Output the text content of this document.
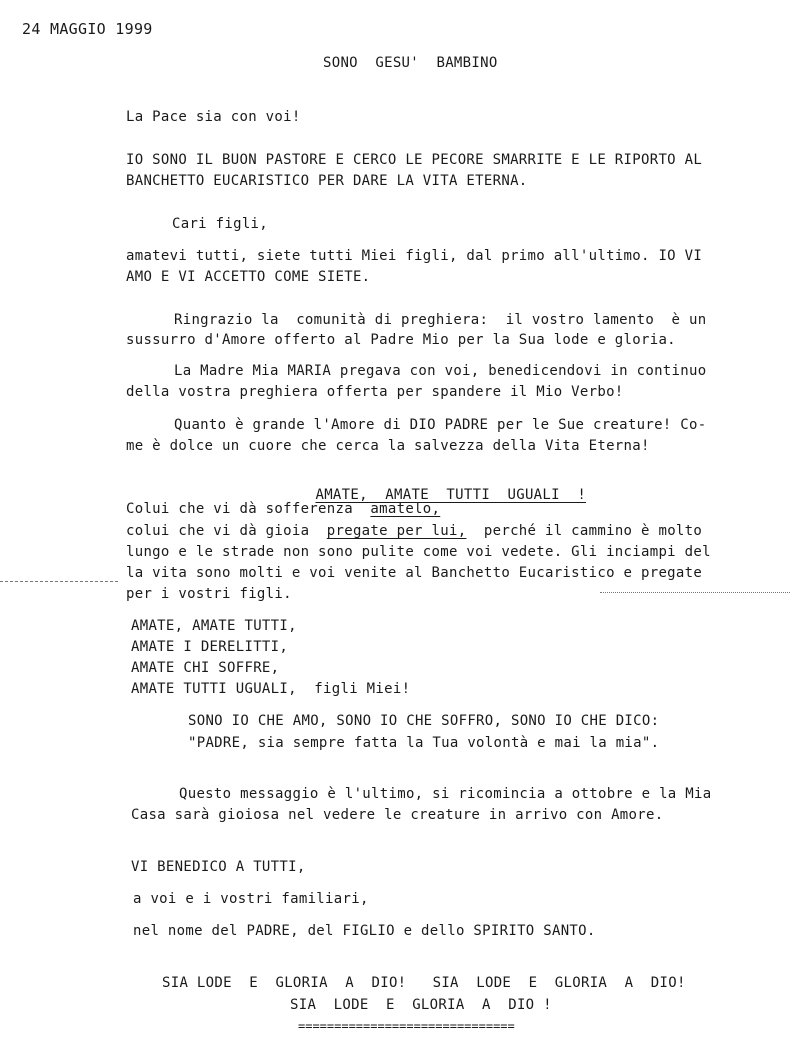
24 MAGGIO 1999
SONO  GESU'  BAMBINO
La Pace sia con voi!
IO SONO IL BUON PASTORE E CERCO LE PECORE SMARRITE E LE RIPORTO AL
BANCHETTO EUCARISTICO PER DARE LA VITA ETERNA.
Cari figli,
amatevi tutti, siete tutti Miei figli, dal primo all'ultimo. IO VI
AMO E VI ACCETTO COME SIETE.
Ringrazio la  comunità di preghiera:  il vostro lamento  è un
sussurro d'Amore offerto al Padre Mio per la Sua lode e gloria.
La Madre Mia MARIA pregava con voi, benedicendovi in continuo
della vostra preghiera offerta per spandere il Mio Verbo!
Quanto è grande l'Amore di DIO PADRE per le Sue creature! Co-
me è dolce un cuore che cerca la salvezza della Vita Eterna!

AMATE,  AMATE  TUTTI  UGUALI  !

Colui che vi dà sofferenza  amatelo,
colui che vi dà gioia  pregate per lui,  perché il cammino è molto
lungo e le strade non sono pulite come voi vedete. Gli inciampi del
la vita sono molti e voi venite al Banchetto Eucaristico e pregate
per i vostri figli.
AMATE, AMATE TUTTI,
AMATE I DERELITTI,
AMATE CHI SOFFRE,
AMATE TUTTI UGUALI,  figli Miei!
SONO IO CHE AMO, SONO IO CHE SOFFRO, SONO IO CHE DICO:
"PADRE, sia sempre fatta la Tua volontà e mai la mia".
Questo messaggio è l'ultimo, si ricomincia a ottobre e la Mia
Casa sarà gioiosa nel vedere le creature in arrivo con Amore.
VI BENEDICO A TUTTI,
a voi e i vostri familiari,
nel nome del PADRE, del FIGLIO e dello SPIRITO SANTO.
SIA LODE  E  GLORIA  A  DIO!   SIA  LODE  E  GLORIA  A  DIO!
SIA  LODE  E  GLORIA  A  DIO !
==============================
